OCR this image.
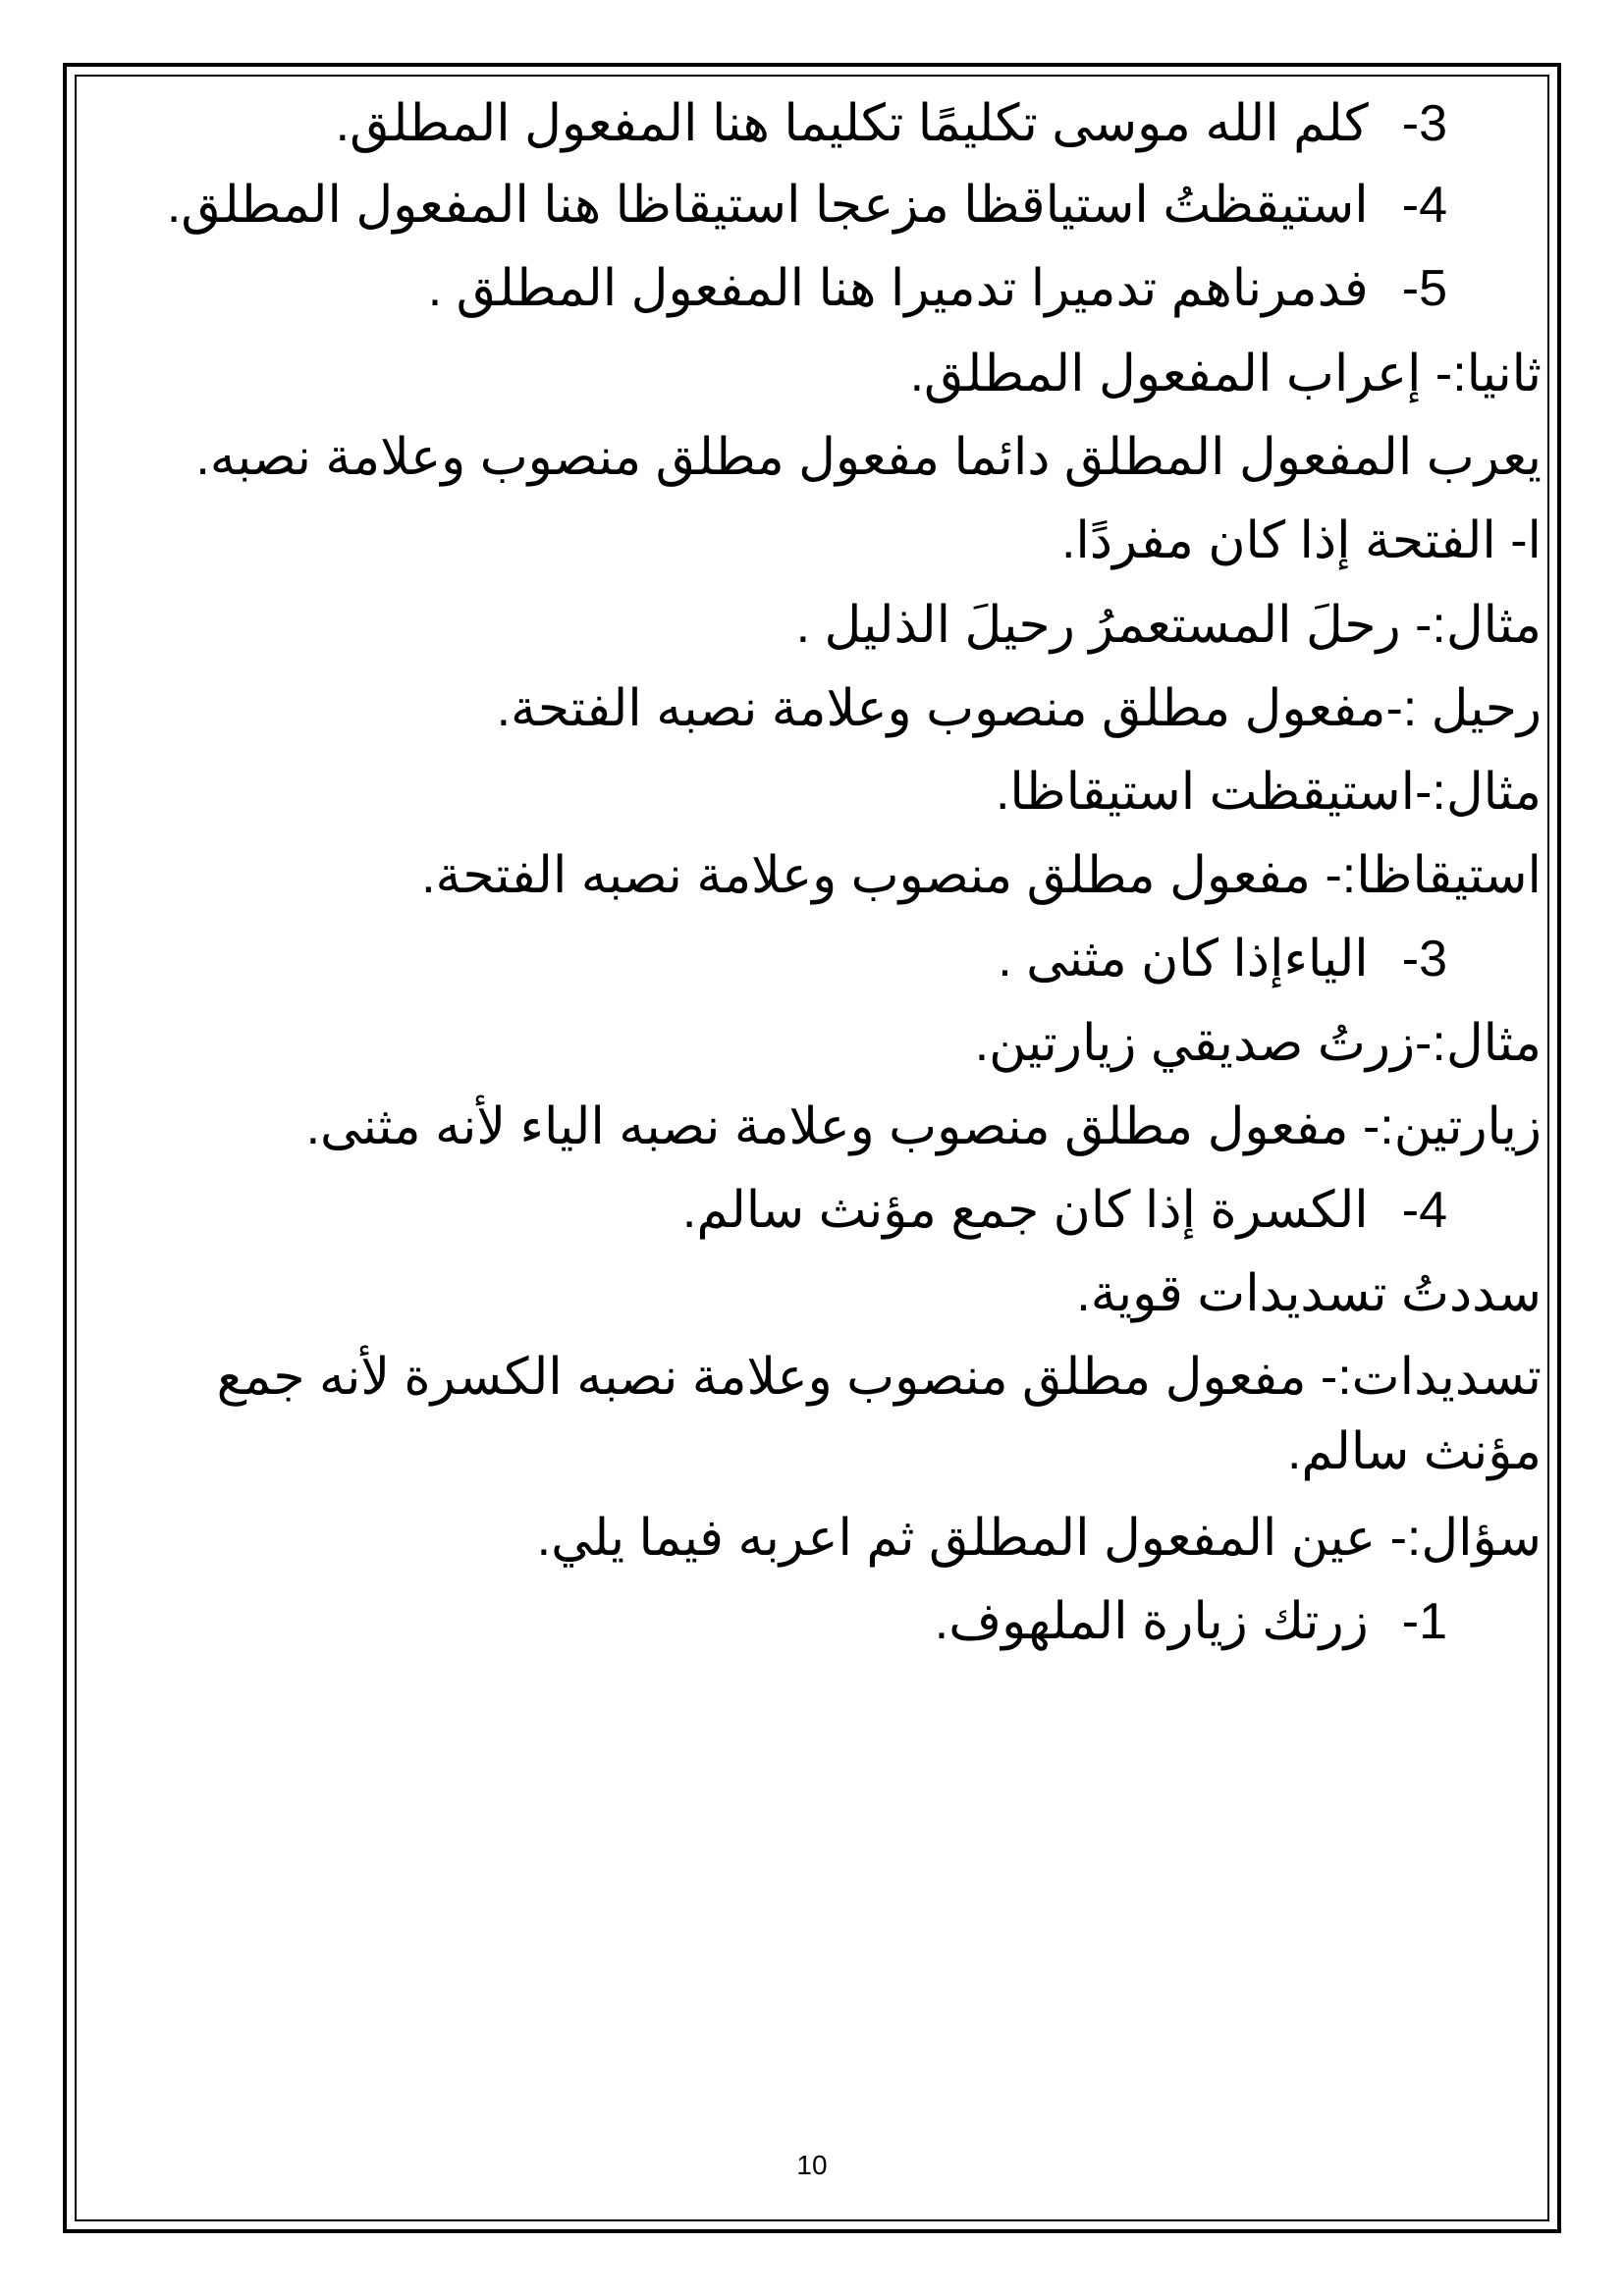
3-كلم الله موسى تكليمًا تكليما هنا المفعول المطلق.
4-استيقظتُ استياقظا مزعجا استيقاظا هنا المفعول المطلق.
5-فدمرناهم تدميرا تدميرا هنا المفعول المطلق .
ثانيا:- إعراب المفعول المطلق.
يعرب المفعول المطلق دائما مفعول مطلق منصوب وعلامة نصبه.
ا- الفتحة إذا كان مفردًا.
مثال:- رحلَ المستعمرُ رحيلَ الذليل .
رحيل :-مفعول مطلق منصوب وعلامة نصبه الفتحة.
مثال:-استيقظت استيقاظا.
استيقاظا:- مفعول مطلق منصوب وعلامة نصبه الفتحة.
3-الياءإذا كان مثنى .
مثال:-زرتُ صديقي زيارتين.
زيارتين:- مفعول مطلق منصوب وعلامة نصبه الياء لأنه مثنى.
4-الكسرة إذا كان جمع مؤنث سالم.
سددتُ تسديدات قوية.
تسديدات:- مفعول مطلق منصوب وعلامة نصبه الكسرة لأنه جمع
مؤنث سالم.
سؤال:- عين المفعول المطلق ثم اعربه فيما يلي.
1-زرتك زيارة الملهوف.
10
